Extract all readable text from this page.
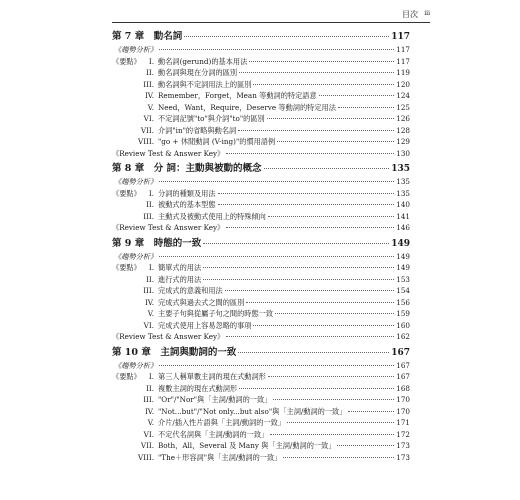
目次 iii
第 7 章　動名詞	117
《趨勢分析》	117
《要點》 I. 動名詞(gerund)的基本用法	117
II. 動名詞與現在分詞的區別	119
III. 動名詞與不定詞用法上的區別	120
IV. Remember，Forget，Mean 等動詞的特定語意	124
V. Need，Want，Require，Deserve 等動詞的特定用法	125
VI. 不定詞記號"to"與介詞"to"的區別	126
VII. 介詞"in"的省略與動名詞	128
VIII. "go + 休閒動詞 (V-ing)"的慣用語例	129
《Review Test & Answer Key》	130
第 8 章　分 詞：主動與被動的概念	135
《趨勢分析》	135
《要點》 I. 分詞的種類及用法	135
II. 被動式的基本型態	140
III. 主動式及被動式使用上的特殊傾向	141
《Review Test & Answer Key》	146
第 9 章　時態的一致	149
《趨勢分析》	149
《要點》 I. 簡單式的用法	149
II. 進行式的用法	153
III. 完成式的意義和用法	154
IV. 完成式與過去式之間的區別	156
V. 主要子句與從屬子句之間的時態一致	159
VI. 完成式使用上容易忽略的事項	160
《Review Test & Answer Key》	162
第 10 章　主詞與動詞的一致	167
《趨勢分析》	167
《要點》 I. 第三人稱單數主詞的現在式動詞形	167
II. 複數主詞的現在式動詞形	168
III. "Or"/"Nor"與「主詞/動詞的一致」	170
IV. "Not...but"/"Not only...but also"與「主詞/動詞的一致」	170
V. 介片/插入性片語與「主詞/動詞的一致」	171
VI. 不定代名詞與「主詞/動詞的一致」	172
VII. Both，All，Several 及 Many 與「主詞/動詞的一致」	173
VIII. "The＋形容詞"與「主詞/動詞的一致」	173
